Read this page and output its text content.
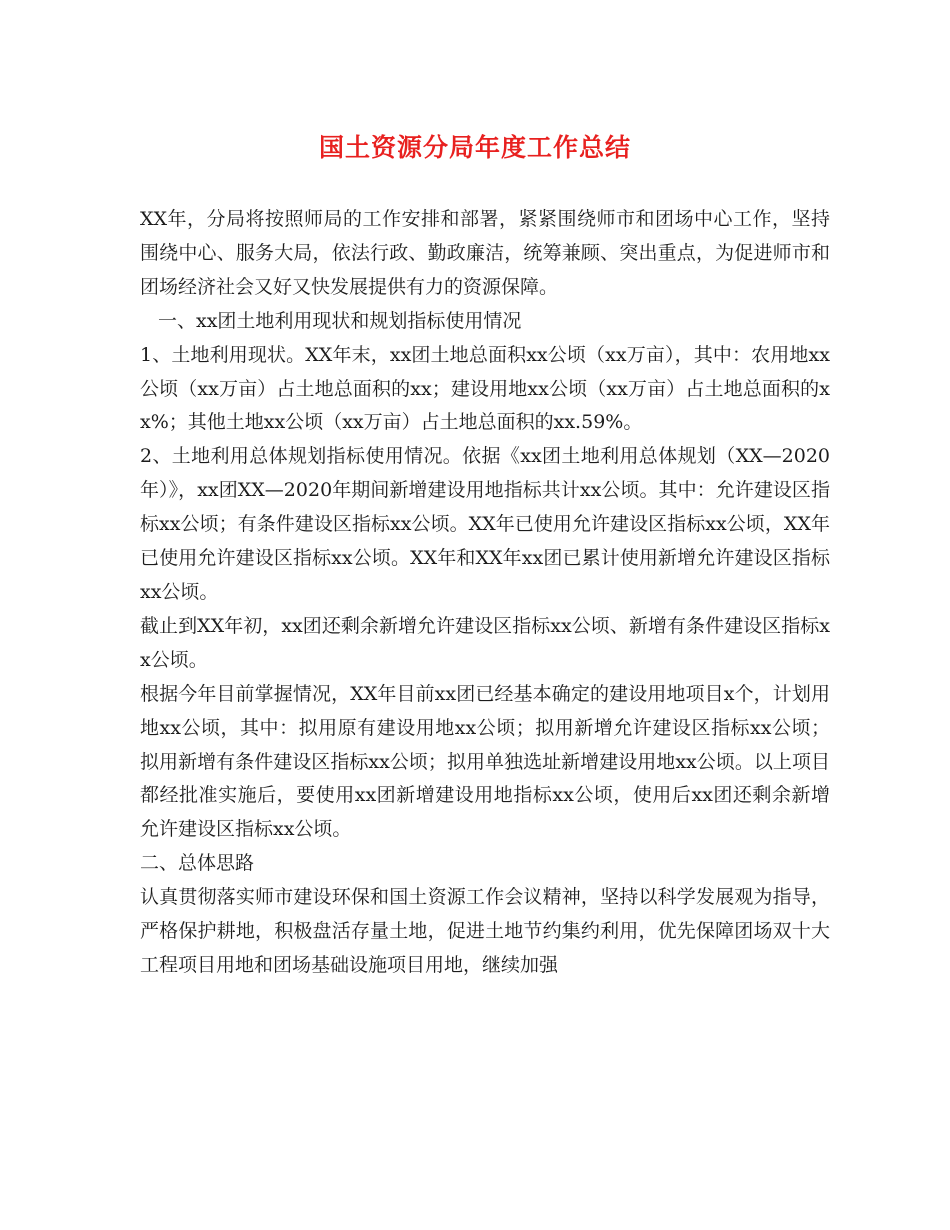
国土资源分局年度工作总结

XX年，分局将按照师局的工作安排和部署，紧紧围绕师市和团场中心工作，坚持围绕中心、服务大局，依法行政、勤政廉洁，统筹兼顾、突出重点，为促进师市和团场经济社会又好又快发展提供有力的资源保障。

一、xx团土地利用现状和规划指标使用情况

1、土地利用现状。XX年末，xx团土地总面积xx公顷（xx万亩），其中：农用地xx公顷（xx万亩）占土地总面积的xx；建设用地xx公顷（xx万亩）占土地总面积的xx%；其他土地xx公顷（xx万亩）占土地总面积的xx.59%。

2、土地利用总体规划指标使用情况。依据《xx团土地利用总体规划（XX—2020年）》，xx团XX—2020年期间新增建设用地指标共计xx公顷。其中：允许建设区指标xx公顷；有条件建设区指标xx公顷。XX年已使用允许建设区指标xx公顷，XX年已使用允许建设区指标xx公顷。XX年和XX年xx团已累计使用新增允许建设区指标xx公顷。

截止到XX年初，xx团还剩余新增允许建设区指标xx公顷、新增有条件建设区指标xx公顷。

根据今年目前掌握情况，XX年目前xx团已经基本确定的建设用地项目x个，计划用地xx公顷，其中：拟用原有建设用地xx公顷；拟用新增允许建设区指标xx公顷；拟用新增有条件建设区指标xx公顷；拟用单独选址新增建设用地xx公顷。以上项目都经批准实施后，要使用xx团新增建设用地指标xx公顷，使用后xx团还剩余新增允许建设区指标xx公顷。

二、总体思路

认真贯彻落实师市建设环保和国土资源工作会议精神，坚持以科学发展观为指导，严格保护耕地，积极盘活存量土地，促进土地节约集约利用，优先保障团场双十大工程项目用地和团场基础设施项目用地，继续加强
